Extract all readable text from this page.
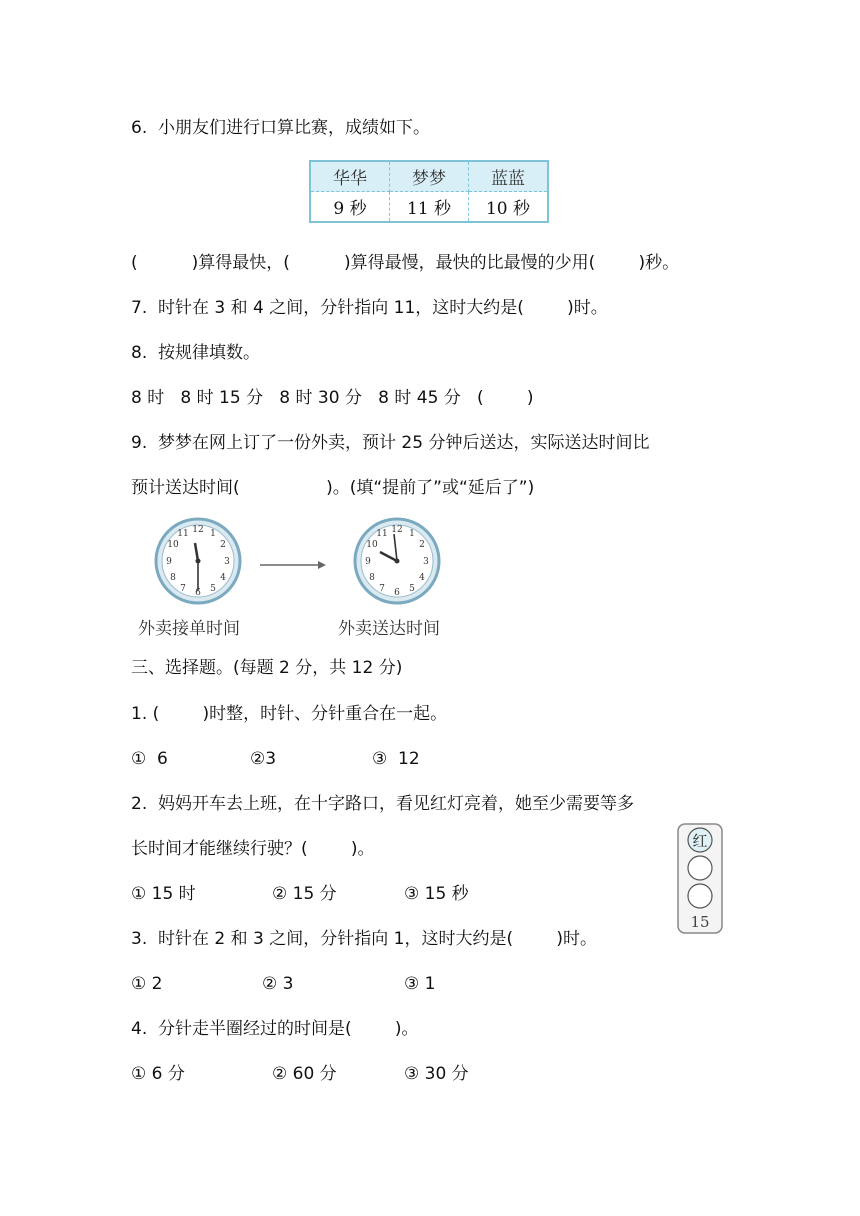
6.  小朋友们进行口算比赛，成绩如下。
华华	梦梦	蓝蓝
9 秒	11 秒	10 秒
(          )算得最快，(          )算得最慢，最快的比最慢的少用(        )秒。
7.  时针在 3 和 4 之间，分针指向 11，这时大约是(        )时。
8.  按规律填数。
8 时   8 时 15 分   8 时 30 分   8 时 45 分   (        )
9.  梦梦在网上订了一份外卖，预计 25 分钟后送达，实际送达时间比
预计送达时间(                )。(填“提前了”或“延后了”)
12 1
2
3
4
5
6
7
8
9
10
11	12 1
2
3
4
5
6
7
8
9
10
11
外卖接单时间	外卖送达时间
三、选择题。(每题 2 分，共 12 分)
1. (        )时整，时针、分针重合在一起。
①  6	②3	③  12
2.  妈妈开车去上班，在十字路口，看见红灯亮着，她至少需要等多
长时间才能继续行驶？(        )。
① 15 时	② 15 分	③ 15 秒
红
15
3.  时针在 2 和 3 之间，分针指向 1，这时大约是(        )时。
① 2	② 3	③ 1
4.  分针走半圈经过的时间是(        )。
① 6 分	② 60 分	③ 30 分
